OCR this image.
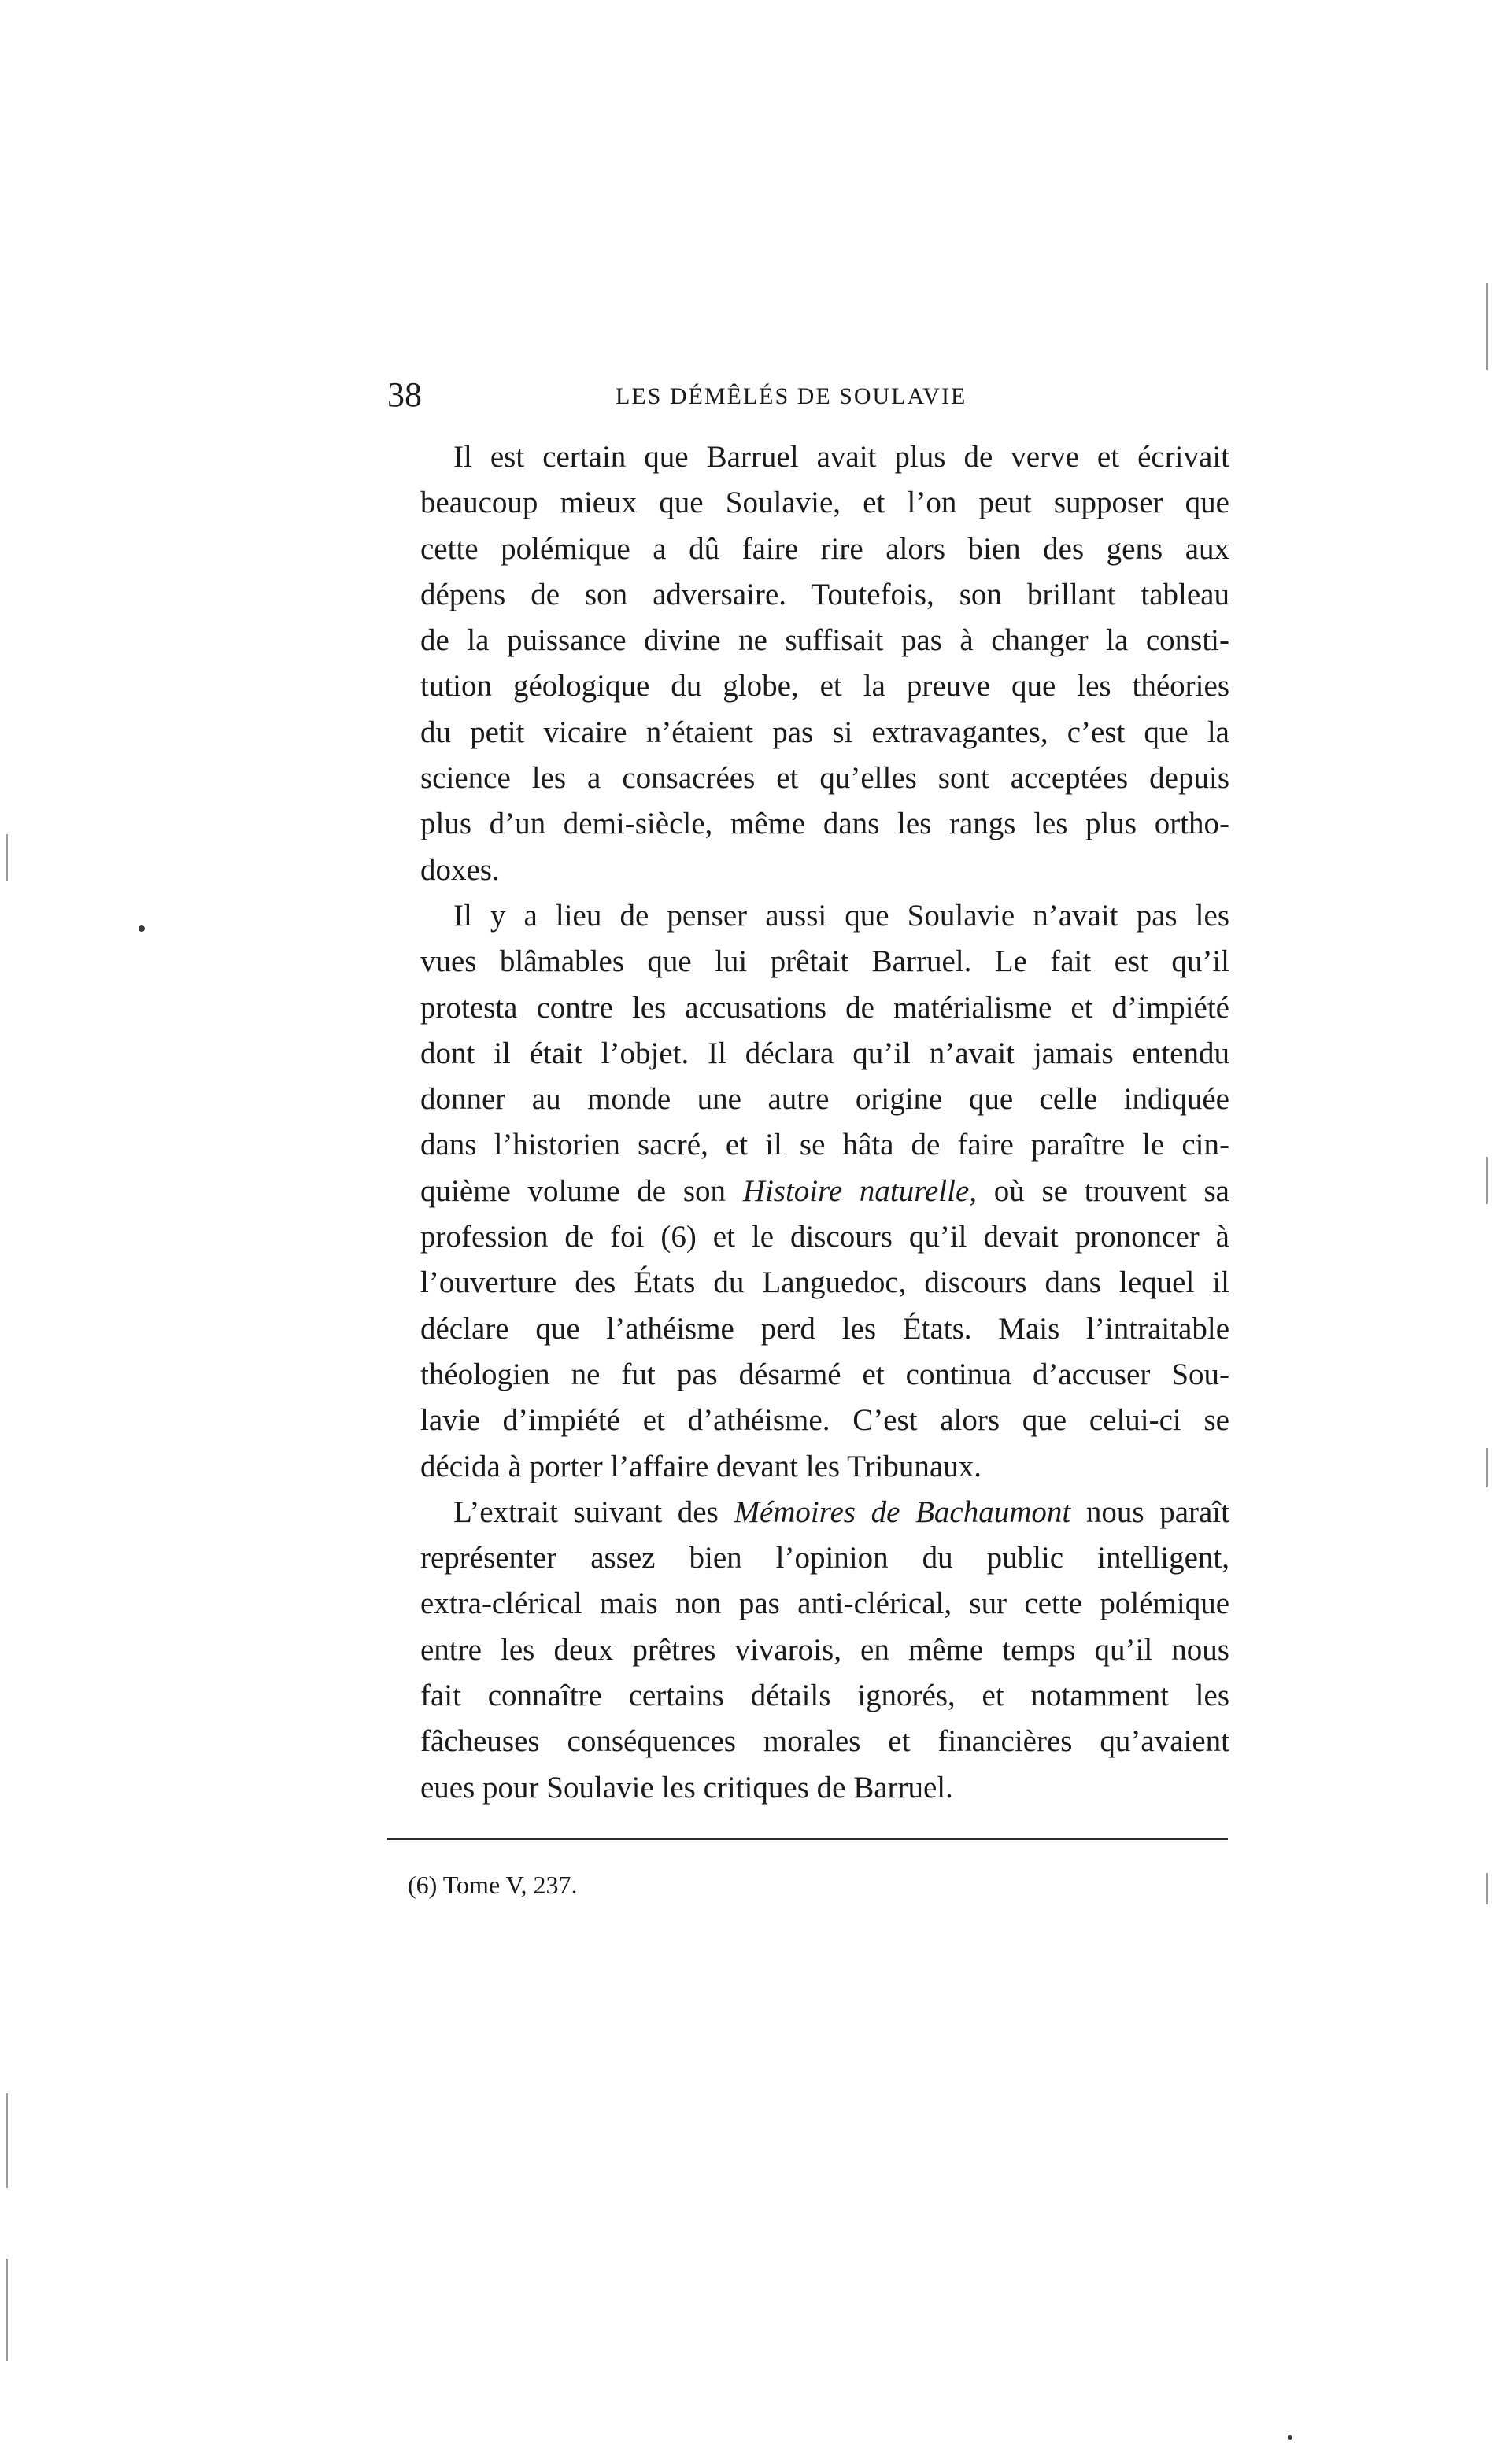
38	LES DÉMÊLÉS DE SOULAVIE
Il est certain que Barruel avait plus de verve et écrivait
beaucoup mieux que Soulavie, et l’on peut supposer que
cette polémique a dû faire rire alors bien des gens aux
dépens de son adversaire. Toutefois, son brillant tableau
de la puissance divine ne suffisait pas à changer la consti-
tution géologique du globe, et la preuve que les théories
du petit vicaire n’étaient pas si extravagantes, c’est que la
science les a consacrées et qu’elles sont acceptées depuis
plus d’un demi-siècle, même dans les rangs les plus ortho-
doxes.
Il y a lieu de penser aussi que Soulavie n’avait pas les
vues blâmables que lui prêtait Barruel. Le fait est qu’il
protesta contre les accusations de matérialisme et d’impiété
dont il était l’objet. Il déclara qu’il n’avait jamais entendu
donner au monde une autre origine que celle indiquée
dans l’historien sacré, et il se hâta de faire paraître le cin-
quième volume de son Histoire naturelle, où se trouvent sa
profession de foi (6) et le discours qu’il devait prononcer à
l’ouverture des États du Languedoc, discours dans lequel il
déclare que l’athéisme perd les États. Mais l’intraitable
théologien ne fut pas désarmé et continua d’accuser Sou-
lavie d’impiété et d’athéisme. C’est alors que celui-ci se
décida à porter l’affaire devant les Tribunaux.
L’extrait suivant des Mémoires de Bachaumont nous paraît
représenter assez bien l’opinion du public intelligent,
extra-clérical mais non pas anti-clérical, sur cette polémique
entre les deux prêtres vivarois, en même temps qu’il nous
fait connaître certains détails ignorés, et notamment les
fâcheuses conséquences morales et financières qu’avaient
eues pour Soulavie les critiques de Barruel.
(6) Tome V, 237.
